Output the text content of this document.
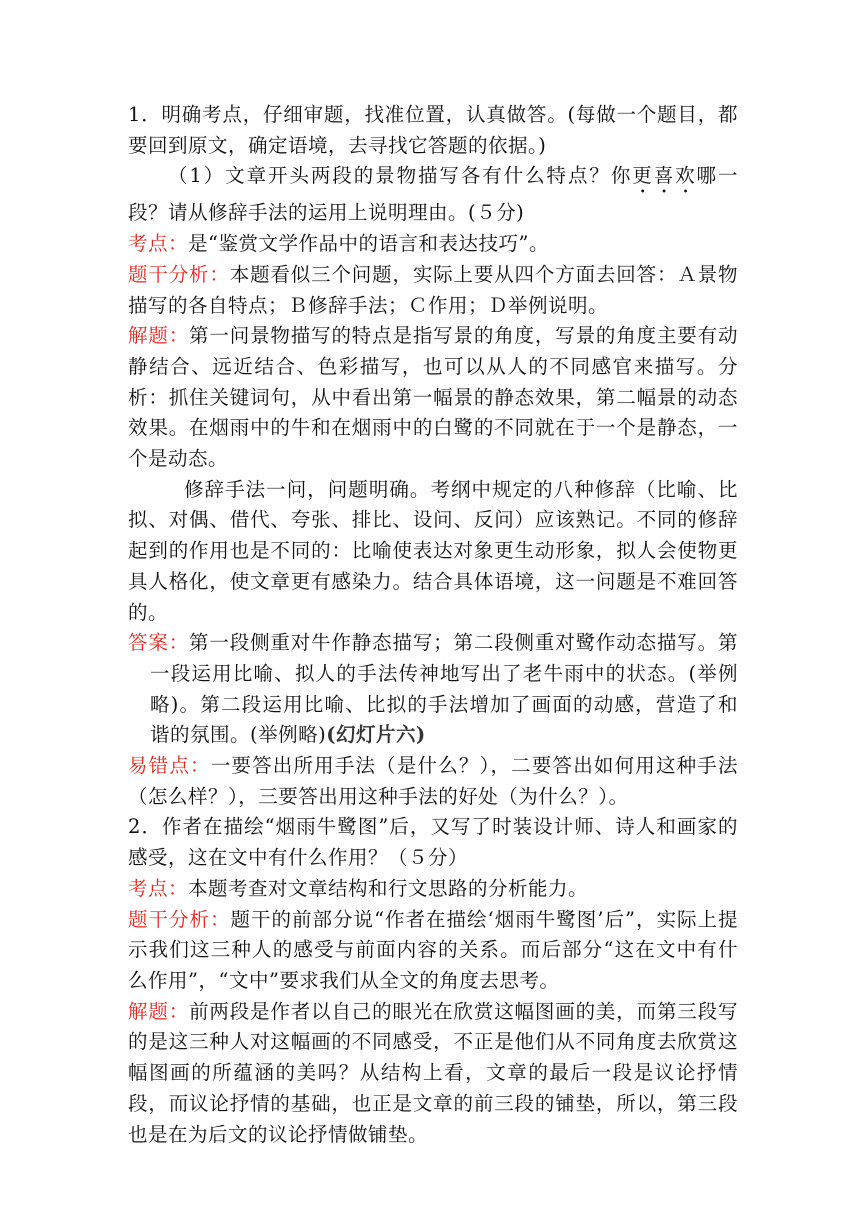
1．明确考点，仔细审题，找准位置，认真做答。(每做一个题目，都要回到原文，确定语境，去寻找它答题的依据。)

（1）文章开头两段的景物描写各有什么特点？你更喜欢哪一段？请从修辞手法的运用上说明理由。(５分)

考点：是“鉴赏文学作品中的语言和表达技巧”。

题干分析：本题看似三个问题，实际上要从四个方面去回答：Ａ景物描写的各自特点；Ｂ修辞手法；Ｃ作用；Ｄ举例说明。

解题：第一问景物描写的特点是指写景的角度，写景的角度主要有动静结合、远近结合、色彩描写，也可以从人的不同感官来描写。分析：抓住关键词句，从中看出第一幅景的静态效果，第二幅景的动态效果。在烟雨中的牛和在烟雨中的白鹭的不同就在于一个是静态，一个是动态。

修辞手法一问，问题明确。考纲中规定的八种修辞（比喻、比拟、对偶、借代、夸张、排比、设问、反问）应该熟记。不同的修辞起到的作用也是不同的：比喻使表达对象更生动形象，拟人会使物更具人格化，使文章更有感染力。结合具体语境，这一问题是不难回答的。

答案：第一段侧重对牛作静态描写；第二段侧重对鹭作动态描写。第一段运用比喻、拟人的手法传神地写出了老牛雨中的状态。(举例略)。第二段运用比喻、比拟的手法增加了画面的动感，营造了和谐的氛围。(举例略)(幻灯片六)

易错点：一要答出所用手法（是什么？），二要答出如何用这种手法（怎么样？），三要答出用这种手法的好处（为什么？）。

2．作者在描绘“烟雨牛鹭图”后，又写了时装设计师、诗人和画家的感受，这在文中有什么作用？（５分）

考点：本题考查对文章结构和行文思路的分析能力。

题干分析：题干的前部分说“作者在描绘‘烟雨牛鹭图’后”，实际上提示我们这三种人的感受与前面内容的关系。而后部分“这在文中有什么作用”，“文中”要求我们从全文的角度去思考。

解题：前两段是作者以自己的眼光在欣赏这幅图画的美，而第三段写的是这三种人对这幅画的不同感受，不正是他们从不同角度去欣赏这幅图画的所蕴涵的美吗？从结构上看，文章的最后一段是议论抒情段，而议论抒情的基础，也正是文章的前三段的铺垫，所以，第三段也是在为后文的议论抒情做铺垫。
